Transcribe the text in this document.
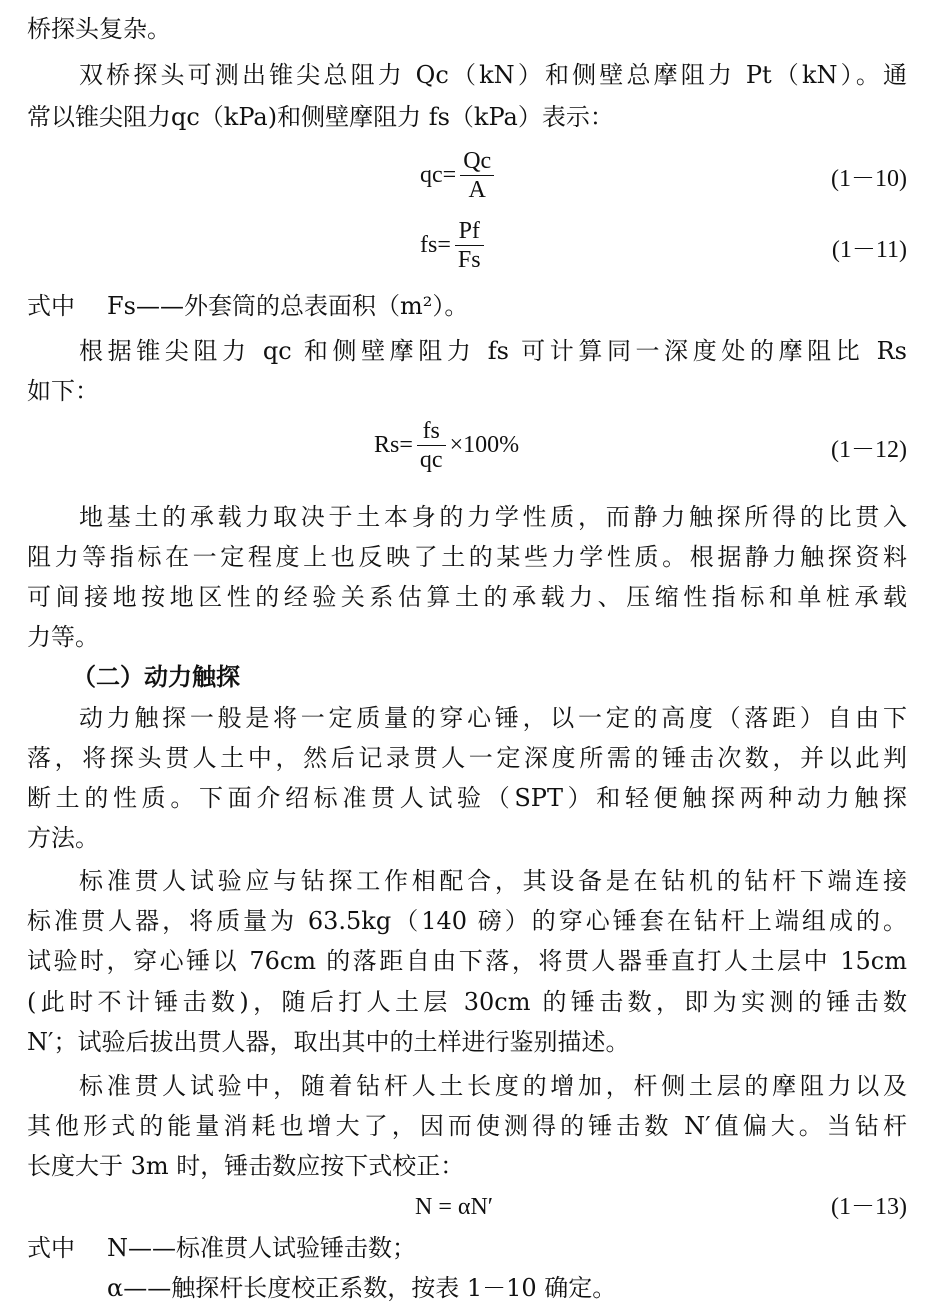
桥探头复杂。
双桥探头可测出锥尖总阻力 Qc（kN）和侧壁总摩阻力 Pt（kN）。通
常以锥尖阻力qc（kPa)和侧壁摩阻力 fs（kPa）表示：
$qc= \frac{Qc}{A}$	(1－10)
$fs= \frac{Pf}{Fs}$	(1－11)
式中 Fs——外套筒的总表面积（m²）。
根据锥尖阻力 qc 和侧壁摩阻力 fs 可计算同一深度处的摩阻比 Rs
如下：
$Rs= \frac{fs}{qc} \times 100\%$	(1－12)
地基土的承载力取决于土本身的力学性质，而静力触探所得的比贯入
阻力等指标在一定程度上也反映了土的某些力学性质。根据静力触探资料
可间接地按地区性的经验关系估算土的承载力、压缩性指标和单桩承载
力等。
（二）动力触探
动力触探一般是将一定质量的穿心锤，以一定的高度（落距）自由下
落，将探头贯人土中，然后记录贯人一定深度所需的锤击次数，并以此判
断土的性质。下面介绍标准贯人试验（SPT）和轻便触探两种动力触探
方法。
标准贯人试验应与钻探工作相配合，其设备是在钻机的钻杆下端连接
标准贯人器，将质量为 63.5kg（140 磅）的穿心锤套在钻杆上端组成的。
试验时，穿心锤以 76cm 的落距自由下落，将贯人器垂直打人土层中 15cm
(此时不计锤击数)，随后打人土层 30cm 的锤击数，即为实测的锤击数
N′；试验后拔出贯人器，取出其中的土样进行鉴别描述。
标准贯人试验中，随着钻杆人土长度的增加，杆侧土层的摩阻力以及
其他形式的能量消耗也增大了，因而使测得的锤击数 N′值偏大。当钻杆
长度大于 3m 时，锤击数应按下式校正：
N = αN′	(1－13)
式中 N——标准贯人试验锤击数；
α——触探杆长度校正系数，按表 1－10 确定。
